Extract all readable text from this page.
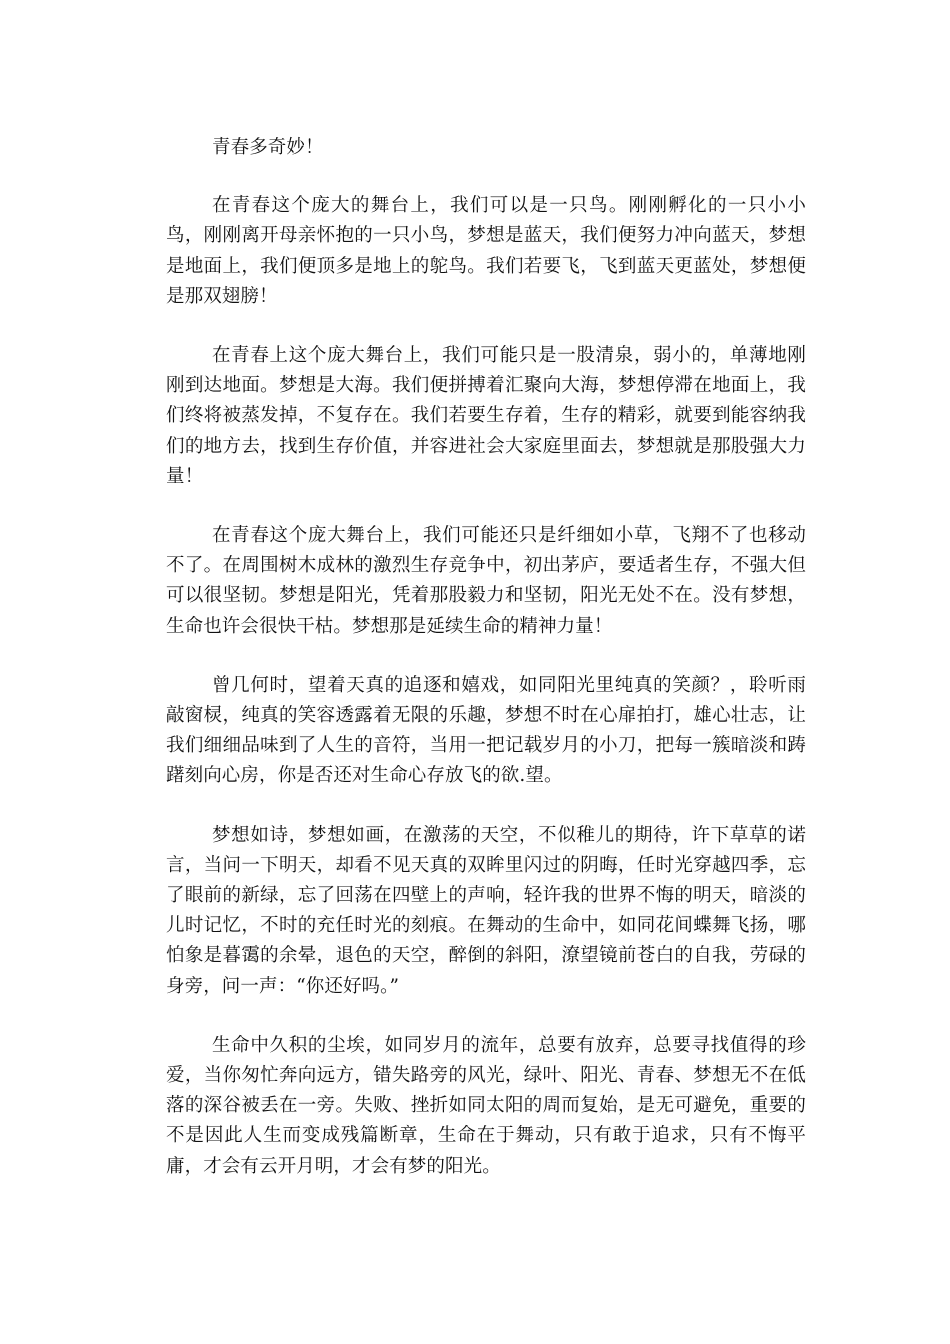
青春多奇妙！

在青春这个庞大的舞台上，我们可以是一只鸟。刚刚孵化的一只小小鸟，刚刚离开母亲怀抱的一只小鸟，梦想是蓝天，我们便努力冲向蓝天，梦想是地面上，我们便顶多是地上的鸵鸟。我们若要飞，飞到蓝天更蓝处，梦想便是那双翅膀！

在青春上这个庞大舞台上，我们可能只是一股清泉，弱小的，单薄地刚刚到达地面。梦想是大海。我们便拼搏着汇聚向大海，梦想停滞在地面上，我们终将被蒸发掉，不复存在。我们若要生存着，生存的精彩，就要到能容纳我们的地方去，找到生存价值，并容进社会大家庭里面去，梦想就是那股强大力量！

在青春这个庞大舞台上，我们可能还只是纤细如小草，飞翔不了也移动不了。在周围树木成林的激烈生存竞争中，初出茅庐，要适者生存，不强大但可以很坚韧。梦想是阳光，凭着那股毅力和坚韧，阳光无处不在。没有梦想，生命也许会很快干枯。梦想那是延续生命的精神力量！

曾几何时，望着天真的追逐和嬉戏，如同阳光里纯真的笑颜？，聆听雨敲窗棂，纯真的笑容透露着无限的乐趣，梦想不时在心扉拍打，雄心壮志，让我们细细品味到了人生的音符，当用一把记载岁月的小刀，把每一簇暗淡和踌躇刻向心房，你是否还对生命心存放飞的欲.望。

梦想如诗，梦想如画，在激荡的天空，不似稚儿的期待，许下草草的诺言，当问一下明天，却看不见天真的双眸里闪过的阴晦，任时光穿越四季，忘了眼前的新绿，忘了回荡在四壁上的声响，轻许我的世界不悔的明天，暗淡的儿时记忆，不时的充任时光的刻痕。在舞动的生命中，如同花间蝶舞飞扬，哪怕象是暮霭的余晕，退色的天空，醉倒的斜阳，潦望镜前苍白的自我，劳碌的身旁，问一声：“你还好吗。”

生命中久积的尘埃，如同岁月的流年，总要有放弃，总要寻找值得的珍爱，当你匆忙奔向远方，错失路旁的风光，绿叶、阳光、青春、梦想无不在低落的深谷被丢在一旁。失败、挫折如同太阳的周而复始，是无可避免，重要的不是因此人生而变成残篇断章，生命在于舞动，只有敢于追求，只有不悔平庸，才会有云开月明，才会有梦的阳光。
